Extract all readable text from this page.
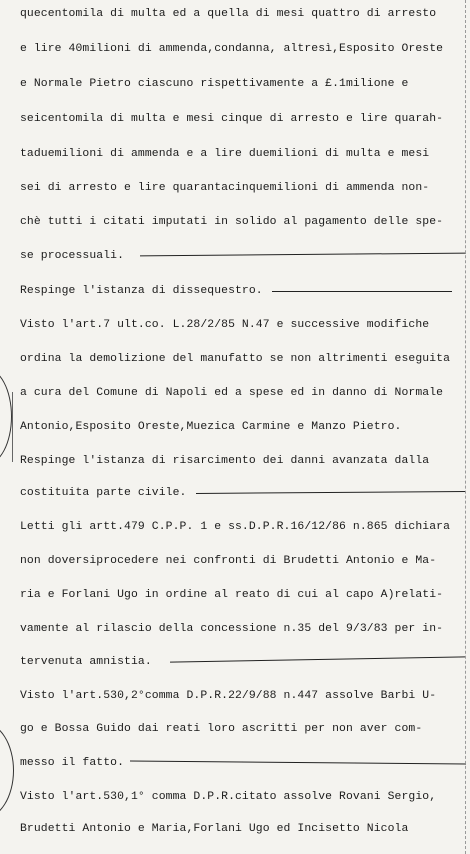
quecentomila di multa ed a quella di mesi quattro di arresto
e lire 40milioni di ammenda,condanna, altresì,Esposito Oreste
e Normale Pietro ciascuno rispettivamente a £.1milione e
seicentomila di multa e mesi cinque di arresto e lire quarah-
taduemilioni di ammenda e a lire duemilioni di multa e mesi
sei di arresto e lire quarantacinquemilioni di ammenda non-
chè tutti i citati imputati in solido al pagamento delle spe-
se processuali.
Respinge l'istanza di dissequestro.
Visto l'art.7 ult.co. L.28/2/85 N.47 e successive modifiche
ordina la demolizione del manufatto se non altrimenti eseguita
a cura del Comune di Napoli ed a spese ed in danno di Normale
Antonio,Esposito Oreste,Muezica Carmine e Manzo Pietro.
Respinge l'istanza di risarcimento dei danni avanzata dalla
costituita parte civile.
Letti gli artt.479 C.P.P. 1 e ss.D.P.R.16/12/86 n.865 dichiara
non doversiprocedere nei confronti di Brudetti Antonio e Ma-
ria e Forlani Ugo in ordine al reato di cui al capo A)relati-
vamente al rilascio della concessione n.35 del 9/3/83 per in-
tervenuta amnistia.
Visto l'art.530,2°comma D.P.R.22/9/88 n.447 assolve Barbi U-
go e Bossa Guido dai reati loro ascritti per non aver com-
messo il fatto.
Visto l'art.530,1° comma D.P.R.citato assolve Rovani Sergio,
Brudetti Antonio e Maria,Forlani Ugo ed Incisetto Nicola
